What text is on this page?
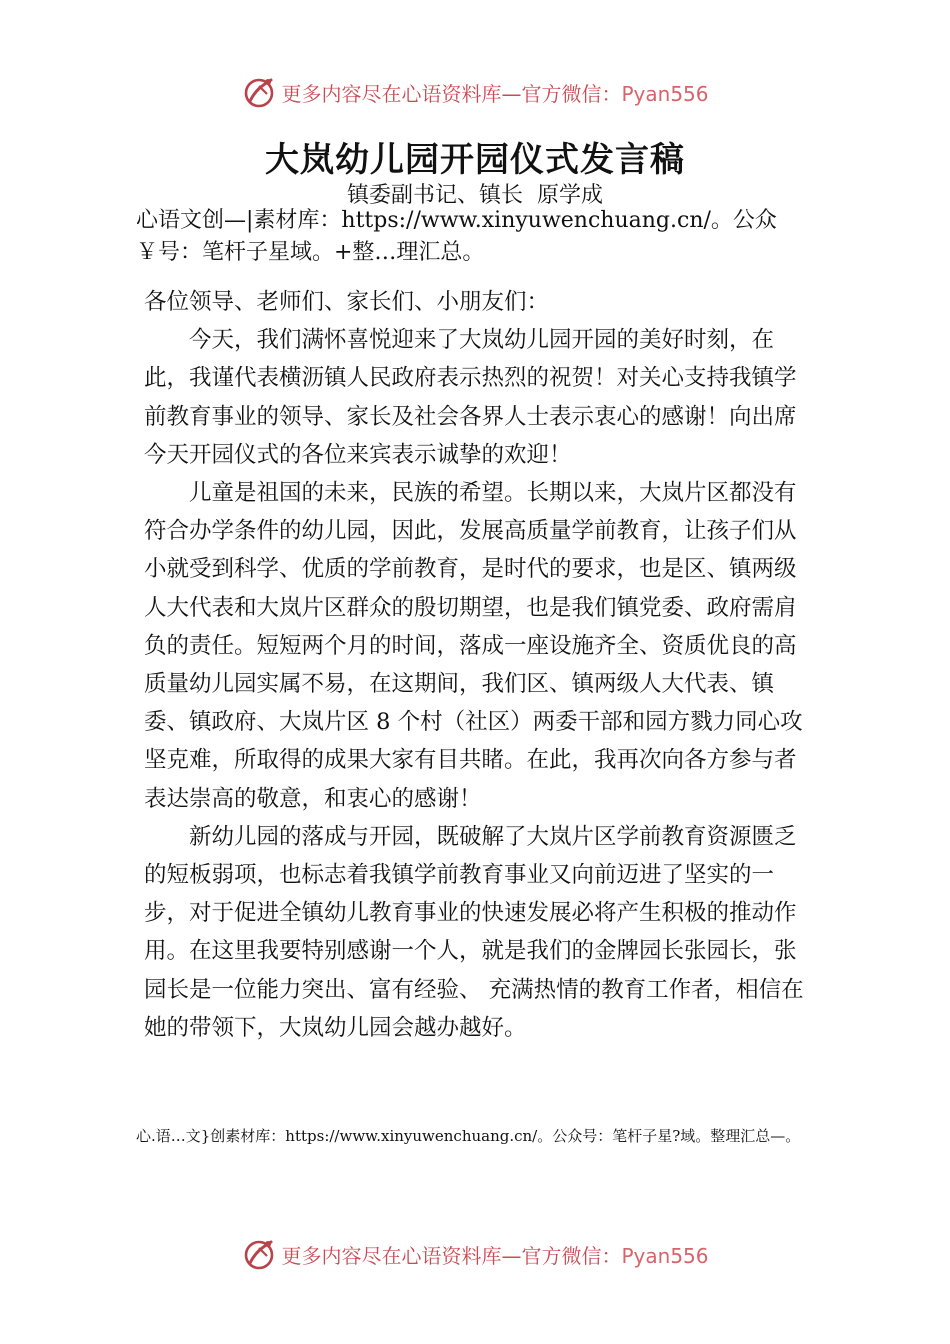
更多内容尽在心语资料库—官方微信：Pyan556
大岚幼儿园开园仪式发言稿
镇委副书记、镇长 原学成
心语文创—|素材库：https://www.xinyuwenchuang.cn/。公众￥号：笔杆子星域。+整…理汇总。

各位领导、老师们、家长们、小朋友们：

今天，我们满怀喜悦迎来了大岚幼儿园开园的美好时刻，在此，我谨代表横沥镇人民政府表示热烈的祝贺！对关心支持我镇学前教育事业的领导、家长及社会各界人士表示衷心的感谢！向出席今天开园仪式的各位来宾表示诚挚的欢迎！

儿童是祖国的未来，民族的希望。长期以来，大岚片区都没有符合办学条件的幼儿园，因此，发展高质量学前教育，让孩子们从小就受到科学、优质的学前教育，是时代的要求，也是区、镇两级人大代表和大岚片区群众的殷切期望，也是我们镇党委、政府需肩负的责任。短短两个月的时间，落成一座设施齐全、资质优良的高质量幼儿园实属不易，在这期间，我们区、镇两级人大代表、镇委、镇政府、大岚片区 8 个村（社区）两委干部和园方戮力同心攻坚克难，所取得的成果大家有目共睹。在此，我再次向各方参与者表达崇高的敬意，和衷心的感谢！

新幼儿园的落成与开园，既破解了大岚片区学前教育资源匮乏的短板弱项，也标志着我镇学前教育事业又向前迈进了坚实的一步，对于促进全镇幼儿教育事业的快速发展必将产生积极的推动作用。在这里我要特别感谢一个人，就是我们的金牌园长张园长，张园长是一位能力突出、富有经验、 充满热情的教育工作者，相信在她的带领下，大岚幼儿园会越办越好。

心.语…文}创素材库：https://www.xinyuwenchuang.cn/。公众号：笔杆子星?域。整理汇总—。
更多内容尽在心语资料库—官方微信：Pyan556
